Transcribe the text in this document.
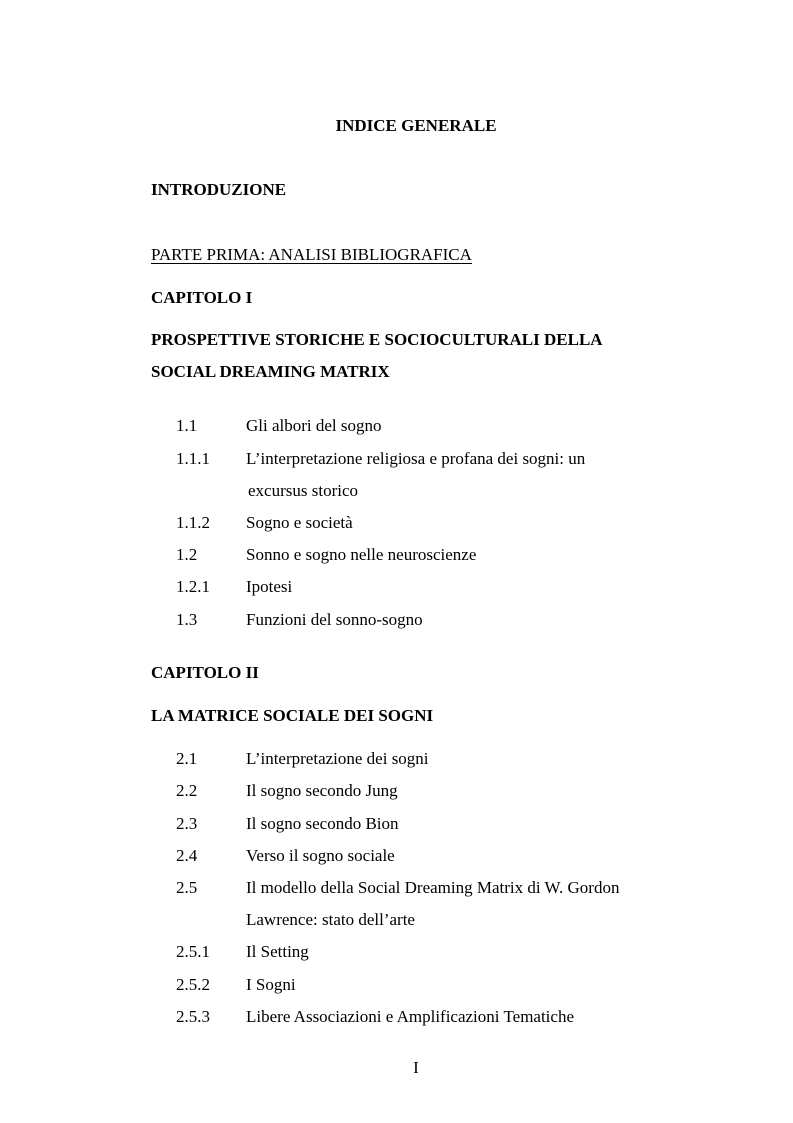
INDICE GENERALE
INTRODUZIONE
PARTE PRIMA: ANALISI BIBLIOGRAFICA
CAPITOLO I
PROSPETTIVE STORICHE E SOCIOCULTURALI DELLA
SOCIAL DREAMING MATRIX
1.1	Gli albori del sogno
1.1.1 L’interpretazione religiosa e profana dei sogni: un
excursus storico
1.1.2 Sogno e società
1.2	Sonno e sogno nelle neuroscienze
1.2.1 Ipotesi
1.3	Funzioni del sonno-sogno
CAPITOLO II
LA MATRICE SOCIALE DEI SOGNI
2.1	L’interpretazione dei sogni
2.2	Il sogno secondo Jung
2.3	Il sogno secondo Bion
2.4	Verso il sogno sociale
2.5	Il modello della Social Dreaming Matrix di W. Gordon
Lawrence: stato dell’arte
2.5.1 Il Setting
2.5.2 I Sogni
2.5.3 Libere Associazioni e Amplificazioni Tematiche
I
